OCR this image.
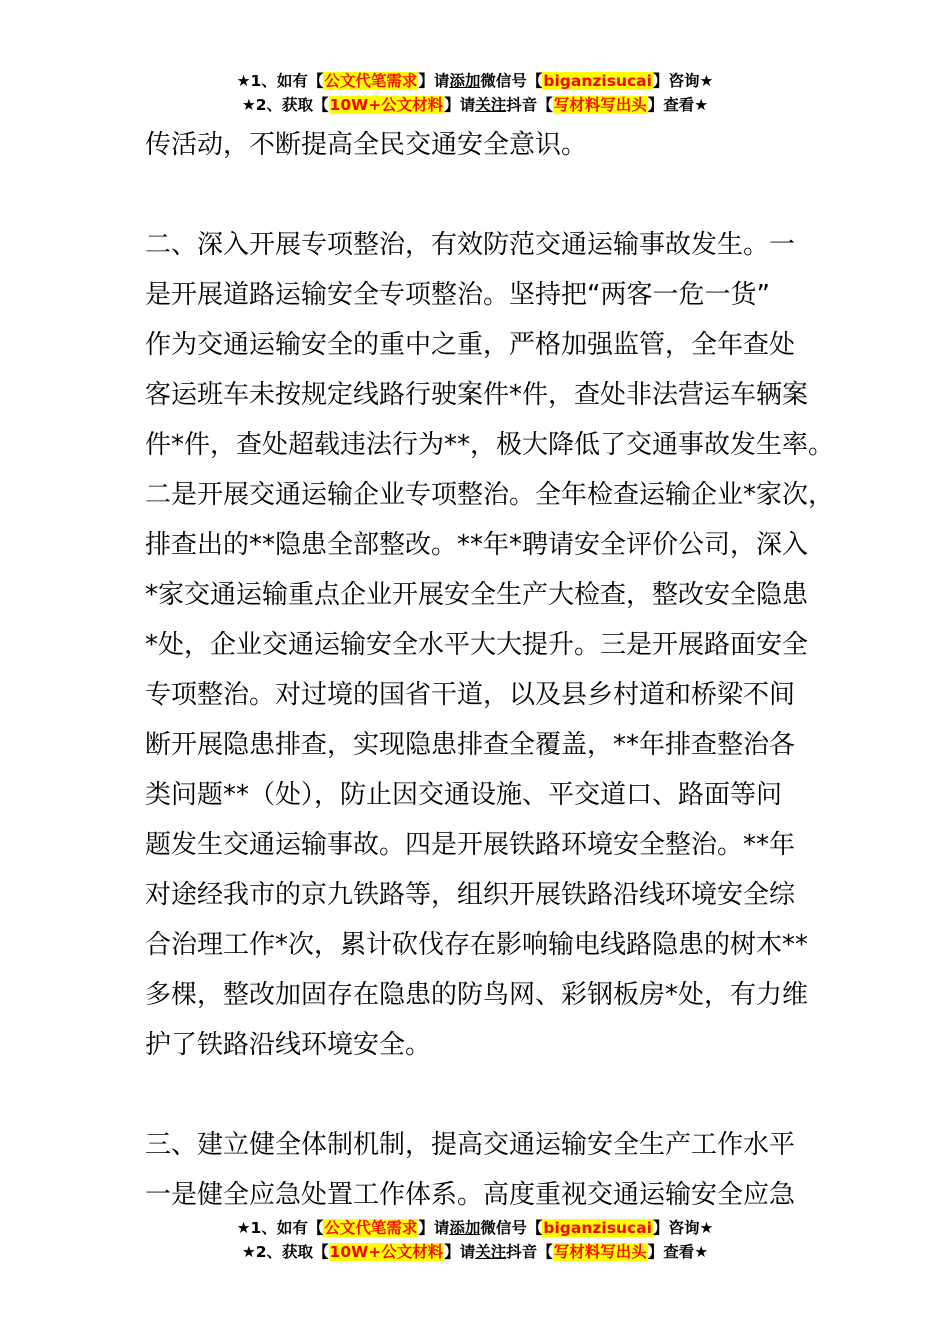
★1、如有【公文代笔需求】请添加微信号【biganzisucai】咨询★
★2、获取【10W+公文材料】请关注抖音【写材料写出头】查看★
传活动，不断提高全民交通安全意识。
二、深入开展专项整治，有效防范交通运输事故发生。一
是开展道路运输安全专项整治。坚持把“两客一危一货”
作为交通运输安全的重中之重，严格加强监管，全年查处
客运班车未按规定线路行驶案件*件，查处非法营运车辆案
件*件，查处超载违法行为**，极大降低了交通事故发生率。
二是开展交通运输企业专项整治。全年检查运输企业*家次，
排查出的**隐患全部整改。**年*聘请安全评价公司，深入
*家交通运输重点企业开展安全生产大检查，整改安全隐患
*处，企业交通运输安全水平大大提升。三是开展路面安全
专项整治。对过境的国省干道，以及县乡村道和桥梁不间
断开展隐患排查，实现隐患排查全覆盖，**年排查整治各
类问题**（处），防止因交通设施、平交道口、路面等问
题发生交通运输事故。四是开展铁路环境安全整治。**年
对途经我市的京九铁路等，组织开展铁路沿线环境安全综
合治理工作*次，累计砍伐存在影响输电线路隐患的树木**
多棵，整改加固存在隐患的防鸟网、彩钢板房*处，有力维
护了铁路沿线环境安全。
三、建立健全体制机制，提高交通运输安全生产工作水平
一是健全应急处置工作体系。高度重视交通运输安全应急
★1、如有【公文代笔需求】请添加微信号【biganzisucai】咨询★
★2、获取【10W+公文材料】请关注抖音【写材料写出头】查看★
